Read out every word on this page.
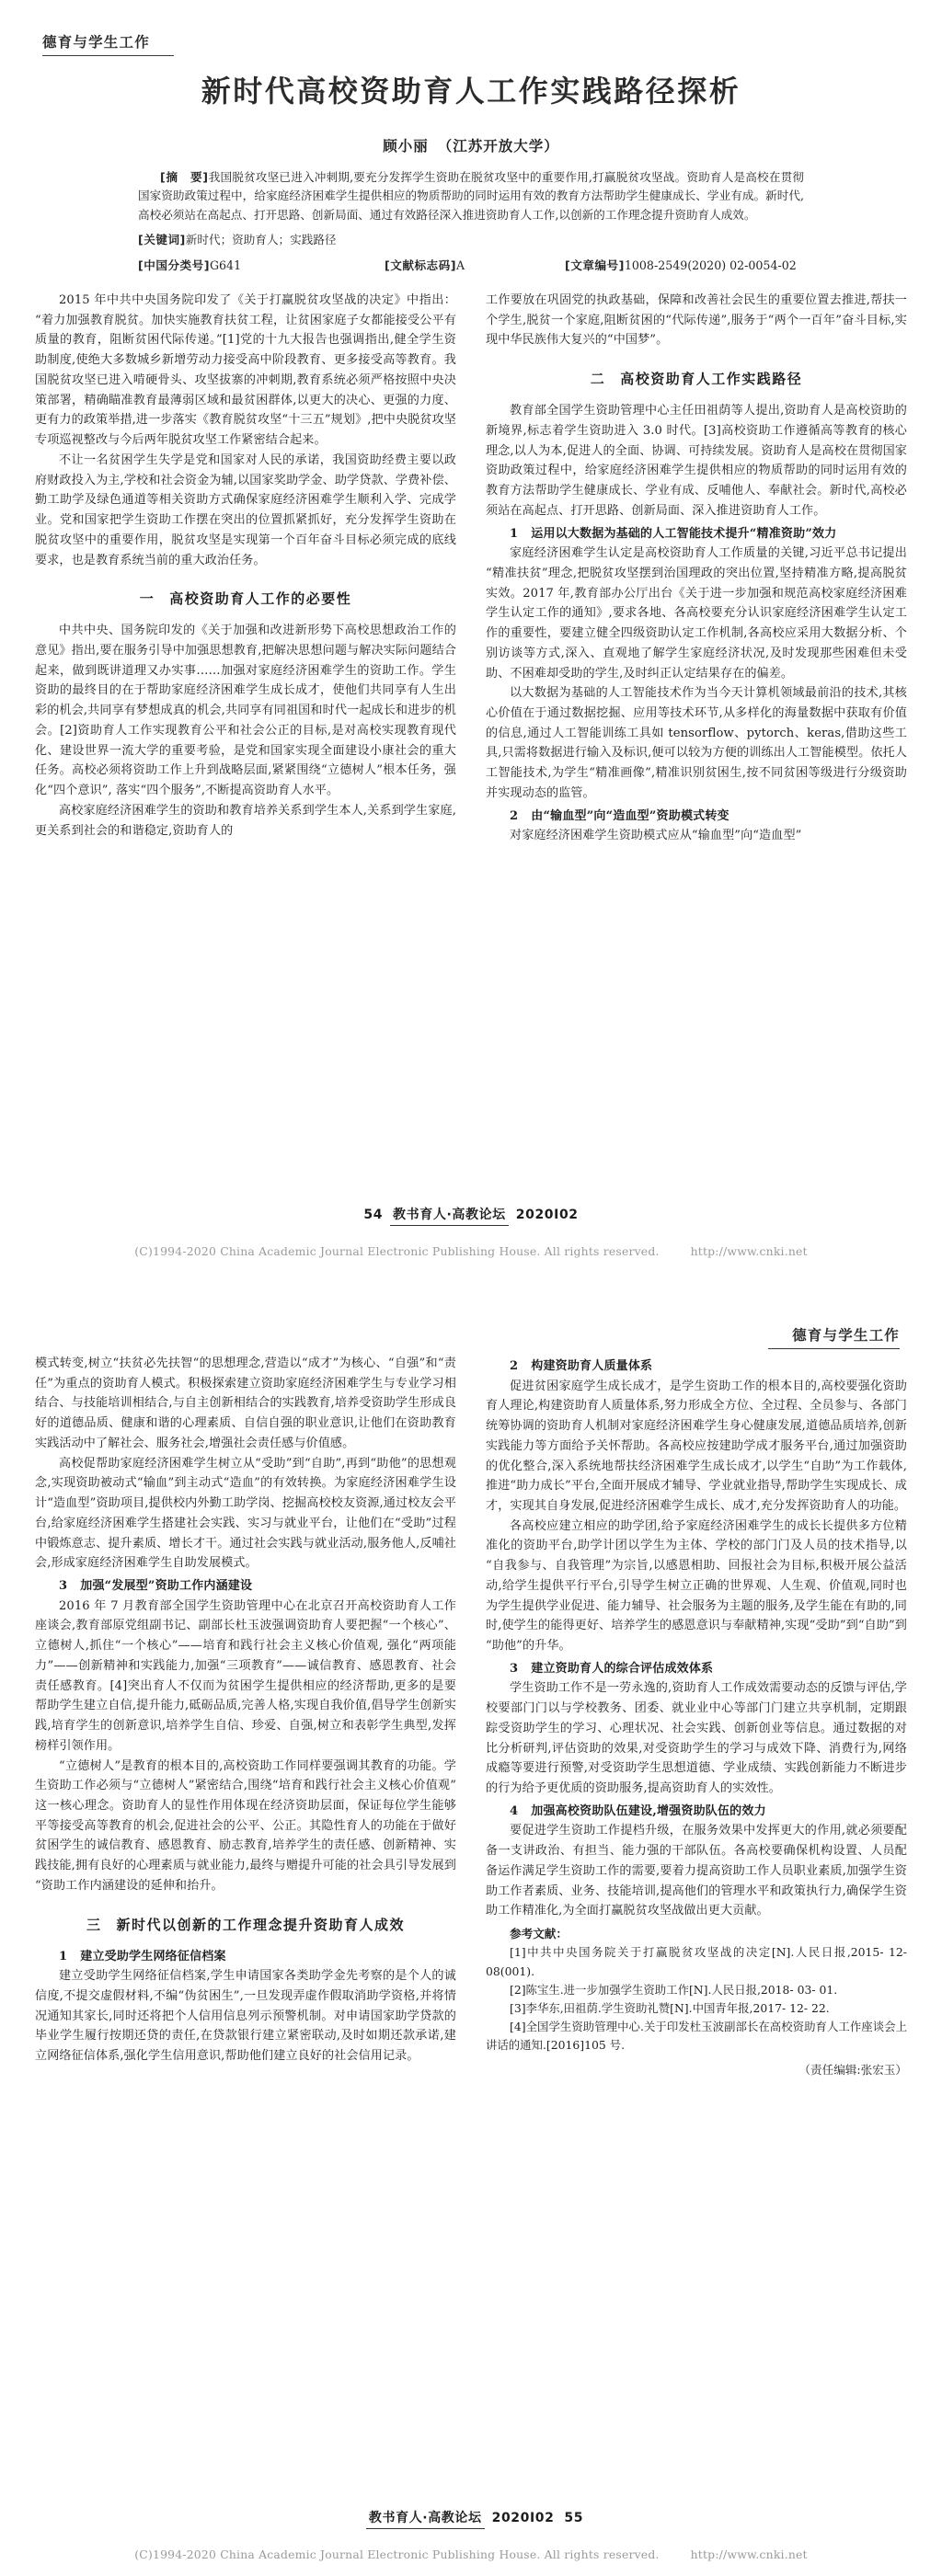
德育与学生工作
新时代高校资助育人工作实践路径探析
顾小丽 （江苏开放大学）
[摘　要]我国脱贫攻坚已进入冲刺期,要充分发挥学生资助在脱贫攻坚中的重要作用,打赢脱贫攻坚战。资助育人是高校在贯彻国家资助政策过程中，给家庭经济困难学生提供相应的物质帮助的同时运用有效的教育方法帮助学生健康成长、学业有成。新时代,高校必须站在高起点、打开思路、创新局面、通过有效路径深入推进资助育人工作,以创新的工作理念提升资助育人成效。
[关键词]新时代；资助育人；实践路径
[中国分类号]G641	[文献标志码]A	[文章编号]1008-2549(2020) 02-0054-02

2015 年中共中央国务院印发了《关于打赢脱贫攻坚战的决定》中指出：“着力加强教育脱贫。加快实施教育扶贫工程，让贫困家庭子女都能接受公平有质量的教育，阻断贫困代际传递。”[1]党的十九大报告也强调指出,健全学生资助制度,使绝大多数城乡新增劳动力接受高中阶段教育、更多接受高等教育。我国脱贫攻坚已进入啃硬骨头、攻坚拔寨的冲刺期,教育系统必须严格按照中央决策部署，精确瞄准教育最薄弱区域和最贫困群体,以更大的决心、更强的力度、更有力的政策举措,进一步落实《教育脱贫攻坚“十三五”规划》,把中央脱贫攻坚专项巡视整改与今后两年脱贫攻坚工作紧密结合起来。

不让一名贫困学生失学是党和国家对人民的承诺，我国资助经费主要以政府财政投入为主,学校和社会资金为辅,以国家奖助学金、助学贷款、学费补偿、勤工助学及绿色通道等相关资助方式确保家庭经济困难学生顺利入学、完成学业。党和国家把学生资助工作摆在突出的位置抓紧抓好，充分发挥学生资助在脱贫攻坚中的重要作用，脱贫攻坚是实现第一个百年奋斗目标必须完成的底线要求，也是教育系统当前的重大政治任务。

一 高校资助育人工作的必要性

中共中央、国务院印发的《关于加强和改进新形势下高校思想政治工作的意见》指出,要在服务引导中加强思想教育,把解决思想问题与解决实际问题结合起来，做到既讲道理又办实事……加强对家庭经济困难学生的资助工作。学生资助的最终目的在于帮助家庭经济困难学生成长成才，使他们共同享有人生出彩的机会,共同享有梦想成真的机会,共同享有同祖国和时代一起成长和进步的机会。[2]资助育人工作实现教育公平和社会公正的目标,是对高校实现教育现代化、建设世界一流大学的重要考验，是党和国家实现全面建设小康社会的重大任务。高校必须将资助工作上升到战略层面,紧紧围绕“立德树人”根本任务，强化“四个意识”, 落实“四个服务”,不断提高资助育人水平。

高校家庭经济困难学生的资助和教育培养关系到学生本人,关系到学生家庭,更关系到社会的和谐稳定,资助育人的

工作要放在巩固党的执政基础，保障和改善社会民生的重要位置去推进,帮扶一个学生,脱贫一个家庭,阻断贫困的“代际传递”,服务于“两个一百年”奋斗目标,实现中华民族伟大复兴的“中国梦”。

二 高校资助育人工作实践路径

教育部全国学生资助管理中心主任田祖荫等人提出,资助育人是高校资助的新境界,标志着学生资助进入 3.0 时代。[3]高校资助工作遵循高等教育的核心理念,以人为本,促进人的全面、协调、可持续发展。资助育人是高校在贯彻国家资助政策过程中，给家庭经济困难学生提供相应的物质帮助的同时运用有效的教育方法帮助学生健康成长、学业有成、反哺他人、奉献社会。新时代,高校必须站在高起点、打开思路、创新局面、深入推进资助育人工作。

1 运用以大数据为基础的人工智能技术提升“精准资助”效力

家庭经济困难学生认定是高校资助育人工作质量的关键,习近平总书记提出“精准扶贫”理念,把脱贫攻坚摆到治国理政的突出位置,坚持精准方略,提高脱贫实效。2017 年,教育部办公厅出台《关于进一步加强和规范高校家庭经济困难学生认定工作的通知》,要求各地、各高校要充分认识家庭经济困难学生认定工作的重要性，要建立健全四级资助认定工作机制,各高校应采用大数据分析、个别访谈等方式,深入、直观地了解学生家庭经济状况,及时发现那些困难但未受助、不困难却受助的学生,及时纠正认定结果存在的偏差。

以大数据为基础的人工智能技术作为当今天计算机领域最前沿的技术,其核心价值在于通过数据挖掘、应用等技术环节,从多样化的海量数据中获取有价值的信息,通过人工智能训练工具如 tensorflow、pytorch、keras,借助这些工具,只需将数据进行输入及标识,便可以较为方便的训练出人工智能模型。依托人工智能技术,为学生“精准画像”,精准识别贫困生,按不同贫困等级进行分级资助并实现动态的监管。

2 由“输血型”向“造血型”资助模式转变

对家庭经济困难学生资助模式应从“输血型”向“造血型”

54 教书育人·高教论坛 2020I02
(C)1994-2020 China Academic Journal Electronic Publishing House. All rights reserved.	http://www.cnki.net
德育与学生工作

模式转变,树立“扶贫必先扶智“的思想理念,营造以“成才”为核心、“自强”和“责任”为重点的资助育人模式。积极探索建立资助家庭经济困难学生与专业学习相结合、与技能培训相结合,与自主创新相结合的实践教育,培养受资助学生形成良好的道德品质、健康和谐的心理素质、自信自强的职业意识,让他们在资助教育实践活动中了解社会、服务社会,增强社会责任感与价值感。

高校促帮助家庭经济困难学生树立从“受助”到“自助”,再到“助他”的思想观念,实现资助被动式“输血”到主动式“造血”的有效转换。为家庭经济困难学生设计“造血型”资助项目,提供校内外勤工助学岗、挖掘高校校友资源,通过校友会平台,给家庭经济困难学生搭建社会实践、实习与就业平台，让他们在“受助”过程中锻炼意志、提升素质、增长才干。通过社会实践与就业活动,服务他人,反哺社会,形成家庭经济困难学生自助发展模式。

3 加强“发展型”资助工作内涵建设

2016 年 7 月教育部全国学生资助管理中心在北京召开高校资助育人工作座谈会,教育部原党组副书记、副部长杜玉波强调资助育人要把握“一个核心”、立德树人,抓住“一个核心”——培育和践行社会主义核心价值观, 强化“两项能力”——创新精神和实践能力,加强“三项教育”——诚信教育、感恩教育、社会责任感教育。[4]突出育人不仅而为贫困学生提供相应的经济帮助,更多的是要帮助学生建立自信,提升能力,砥砺品质,完善人格,实现自我价值,倡导学生创新实践,培育学生的创新意识,培养学生自信、珍爱、自强,树立和表彰学生典型,发挥榜样引领作用。

“立德树人”是教育的根本目的,高校资助工作同样要强调其教育的功能。学生资助工作必须与“立德树人”紧密结合,围绕“培育和践行社会主义核心价值观”这一核心理念。资助育人的显性作用体现在经济资助层面，保证每位学生能够平等接受高等教育的机会,促进社会的公平、公正。其隐性育人的功能在于做好贫困学生的诚信教育、感恩教育、励志教育,培养学生的责任感、创新精神、实践技能,拥有良好的心理素质与就业能力,最终与赠提升可能的社会具引导发展到“资助工作内涵建设的延伸和抬升。

三 新时代以创新的工作理念提升资助育人成效
1 建立受助学生网络征信档案

建立受助学生网络征信档案,学生申请国家各类助学金先考察的是个人的诚信度,不提交虚假材料,不编“伪贫困生”,一旦发现弄虚作假取消助学资格,并将情况通知其家长,同时还将把个人信用信息列示预警机制。对申请国家助学贷款的毕业学生履行按期还贷的责任,在贷款银行建立紧密联动,及时如期还款承诺,建立网络征信体系,强化学生信用意识,帮助他们建立良好的社会信用记录。

2 构建资助育人质量体系

促进贫困家庭学生成长成才，是学生资助工作的根本目的,高校要强化资助育人理论,构建资助育人质量体系,努力形成全方位、全过程、全员参与、各部门统筹协调的资助育人机制对家庭经济困难学生身心健康发展,道德品质培养,创新实践能力等方面给予关怀帮助。各高校应按建助学成才服务平台,通过加强资助的优化整合,深入系统地帮扶经济困难学生成长成才,以学生“自助”为工作载体,推进“助力成长”平台,全面开展成才辅导、学业就业指导,帮助学生实现成长、成才，实现其自身发展,促进经济困难学生成长、成才,充分发挥资助育人的功能。

各高校应建立相应的助学团,给予家庭经济困难学生的成长长提供多方位精准化的资助平台,助学计团以学生为主体、学校的部门门及人员的技术指导,以“自我参与、自我管理”为宗旨,以感恩相助、回报社会为目标,积极开展公益活动,给学生提供平行平台,引导学生树立正确的世界观、人生观、价值观,同时也为学生提供学业促进、能力辅导、社会服务为主题的服务,及学生能在有助的,同时,使学生的能得更好、培养学生的感恩意识与奉献精神,实现“受助”到“自助”到“助他”的升华。

3 建立资助育人的综合评估成效体系

学生资助工作不是一劳永逸的,资助育人工作成效需要动态的反馈与评估,学校要部门门以与学校教务、团委、就业业中心等部门门建立共享机制，定期跟踪受资助学生的学习、心理状况、社会实践、创新创业等信息。通过数据的对比分析研判,评估资助的效果,对受资助学生的学习与成效下降、消费行为,网络成瘾等要进行预警,对受资助学生思想道德、学业成绩、实践创新能力不断进步的行为给予更优质的资助服务,提高资助育人的实效性。

4 加强高校资助队伍建设,增强资助队伍的效力

要促进学生资助工作提档升级，在服务效果中发挥更大的作用,就必须要配备一支讲政治、有担当、能力强的干部队伍。各高校要确保机构设置、人员配备运作满足学生资助工作的需要,要着力提高资助工作人员职业素质,加强学生资助工作者素质、业务、技能培训,提高他们的管理水平和政策执行力,确保学生资助工作精准化,为全面打赢脱贫攻坚战做出更大贡献。

参考文献：

[1]中共中央国务院关于打赢脱贫攻坚战的决定[N].人民日报,2015- 12- 08(001).

[2]陈宝生.进一步加强学生资助工作[N].人民日报,2018- 03- 01.

[3]李华东,田祖荫.学生资助礼赞[N].中国青年报,2017- 12- 22.

[4]全国学生资助管理中心.关于印发杜玉波副部长在高校资助育人工作座谈会上讲话的通知.[2016]105 号.

（责任编辑:张宏玉）

教书育人·高教论坛 2020I02 55
(C)1994-2020 China Academic Journal Electronic Publishing House. All rights reserved.	http://www.cnki.net
